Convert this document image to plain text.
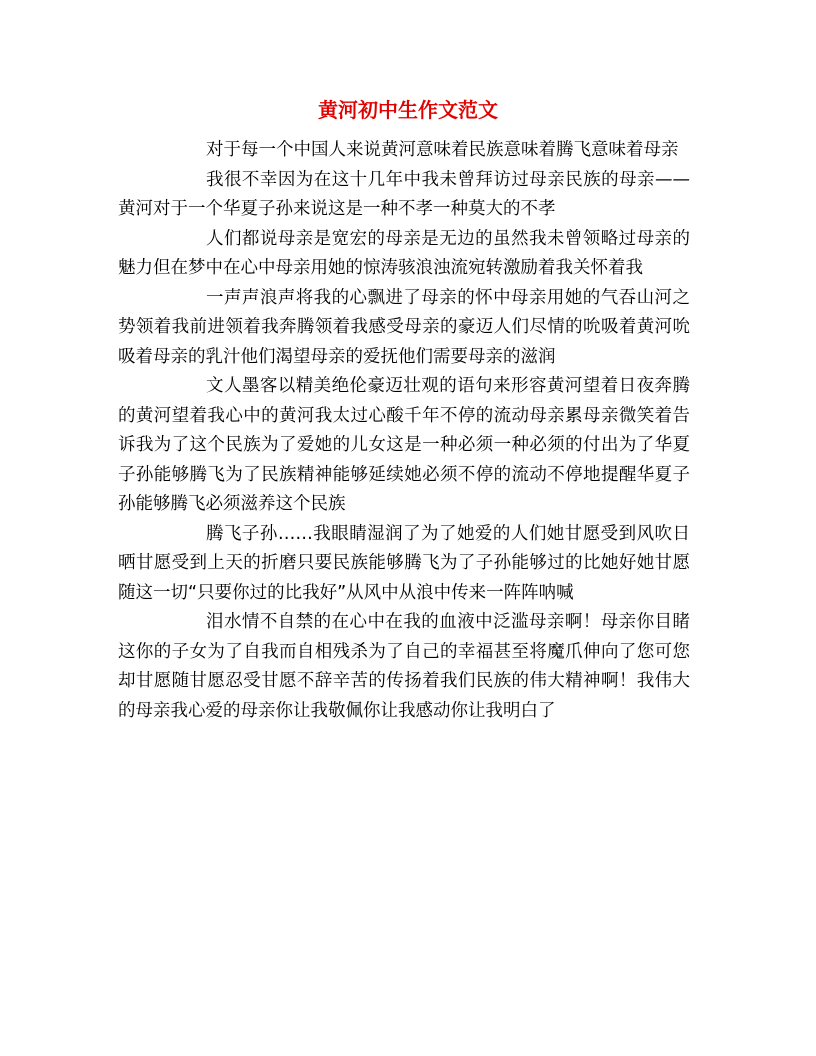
黄河初中生作文范文

对于每一个中国人来说黄河意味着民族意味着腾飞意味着母亲

我很不幸因为在这十几年中我未曾拜访过母亲民族的母亲——黄河对于一个华夏子孙来说这是一种不孝一种莫大的不孝

人们都说母亲是宽宏的母亲是无边的虽然我未曾领略过母亲的魅力但在梦中在心中母亲用她的惊涛骇浪浊流宛转激励着我关怀着我

一声声浪声将我的心飘进了母亲的怀中母亲用她的气吞山河之势领着我前进领着我奔腾领着我感受母亲的豪迈人们尽情的吮吸着黄河吮吸着母亲的乳汁他们渴望母亲的爱抚他们需要母亲的滋润

文人墨客以精美绝伦豪迈壮观的语句来形容黄河望着日夜奔腾的黄河望着我心中的黄河我太过心酸千年不停的流动母亲累母亲微笑着告诉我为了这个民族为了爱她的儿女这是一种必须一种必须的付出为了华夏子孙能够腾飞为了民族精神能够延续她必须不停的流动不停地提醒华夏子孙能够腾飞必须滋养这个民族

腾飞子孙……我眼睛湿润了为了她爱的人们她甘愿受到风吹日晒甘愿受到上天的折磨只要民族能够腾飞为了子孙能够过的比她好她甘愿随这一切“只要你过的比我好”从风中从浪中传来一阵阵呐喊

泪水情不自禁的在心中在我的血液中泛滥母亲啊！母亲你目睹这你的子女为了自我而自相残杀为了自己的幸福甚至将魔爪伸向了您可您却甘愿随甘愿忍受甘愿不辞辛苦的传扬着我们民族的伟大精神啊！我伟大的母亲我心爱的母亲你让我敬佩你让我感动你让我明白了
